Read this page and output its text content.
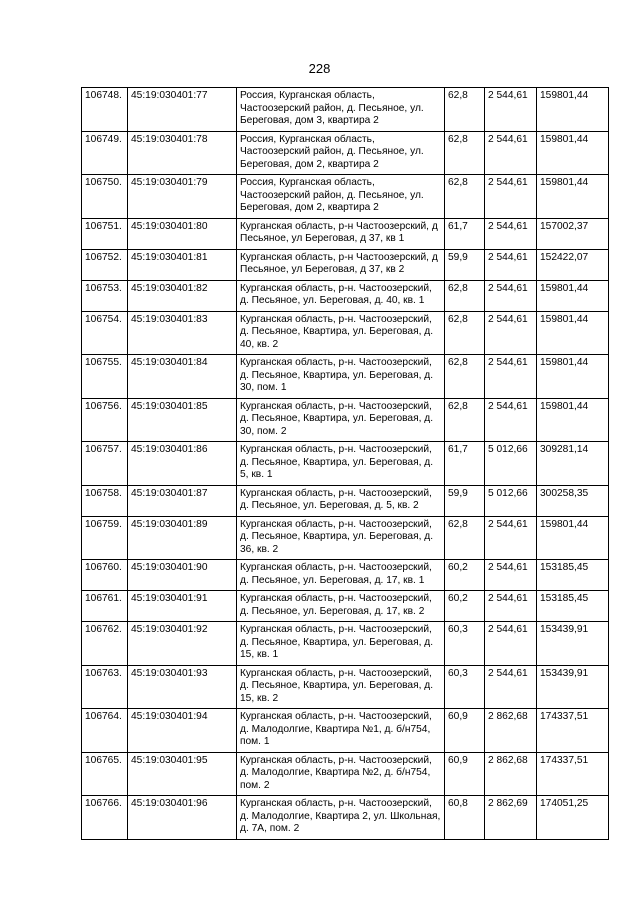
228
106748.	45:19:030401:77	Россия, Курганская область, Частоозерский район, д. Песьяное, ул. Береговая, дом 3, квартира 2	62,8	2 544,61	159801,44
106749.	45:19:030401:78	Россия, Курганская область, Частоозерский район, д. Песьяное, ул. Береговая, дом 2, квартира 2	62,8	2 544,61	159801,44
106750.	45:19:030401:79	Россия, Курганская область, Частоозерский район, д. Песьяное, ул. Береговая, дом 2, квартира 2	62,8	2 544,61	159801,44
106751.	45:19:030401:80	Курганская область, р-н Частоозерский, д Песьяное, ул Береговая, д 37, кв 1	61,7	2 544,61	157002,37
106752.	45:19:030401:81	Курганская область, р-н Частоозерский, д Песьяное, ул Береговая, д 37, кв 2	59,9	2 544,61	152422,07
106753.	45:19:030401:82	Курганская область, р-н. Частоозерский, д. Песьяное, ул. Береговая, д. 40, кв. 1	62,8	2 544,61	159801,44
106754.	45:19:030401:83	Курганская область, р-н. Частоозерский, д. Песьяное, Квартира, ул. Береговая, д. 40, кв. 2	62,8	2 544,61	159801,44
106755.	45:19:030401:84	Курганская область, р-н. Частоозерский, д. Песьяное, Квартира, ул. Береговая, д. 30, пом. 1	62,8	2 544,61	159801,44
106756.	45:19:030401:85	Курганская область, р-н. Частоозерский, д. Песьяное, Квартира, ул. Береговая, д. 30, пом. 2	62,8	2 544,61	159801,44
106757.	45:19:030401:86	Курганская область, р-н. Частоозерский, д. Песьяное, Квартира, ул. Береговая, д. 5, кв. 1	61,7	5 012,66	309281,14
106758.	45:19:030401:87	Курганская область, р-н. Частоозерский, д. Песьяное, ул. Береговая, д. 5, кв. 2	59,9	5 012,66	300258,35
106759.	45:19:030401:89	Курганская область, р-н. Частоозерский, д. Песьяное, Квартира, ул. Береговая, д. 36, кв. 2	62,8	2 544,61	159801,44
106760.	45:19:030401:90	Курганская область, р-н. Частоозерский, д. Песьяное, ул. Береговая, д. 17, кв. 1	60,2	2 544,61	153185,45
106761.	45:19:030401:91	Курганская область, р-н. Частоозерский, д. Песьяное, ул. Береговая, д. 17, кв. 2	60,2	2 544,61	153185,45
106762.	45:19:030401:92	Курганская область, р-н. Частоозерский, д. Песьяное, Квартира, ул. Береговая, д. 15, кв. 1	60,3	2 544,61	153439,91
106763.	45:19:030401:93	Курганская область, р-н. Частоозерский, д. Песьяное, Квартира, ул. Береговая, д. 15, кв. 2	60,3	2 544,61	153439,91
106764.	45:19:030401:94	Курганская область, р-н. Частоозерский, д. Малодолгие, Квартира №1, д. б/н754, пом. 1	60,9	2 862,68	174337,51
106765.	45:19:030401:95	Курганская область, р-н. Частоозерский, д. Малодолгие, Квартира №2, д. б/н754, пом. 2	60,9	2 862,68	174337,51
106766.	45:19:030401:96	Курганская область, р-н. Частоозерский, д. Малодолгие, Квартира 2, ул. Школьная, д. 7А, пом. 2	60,8	2 862,69	174051,25
